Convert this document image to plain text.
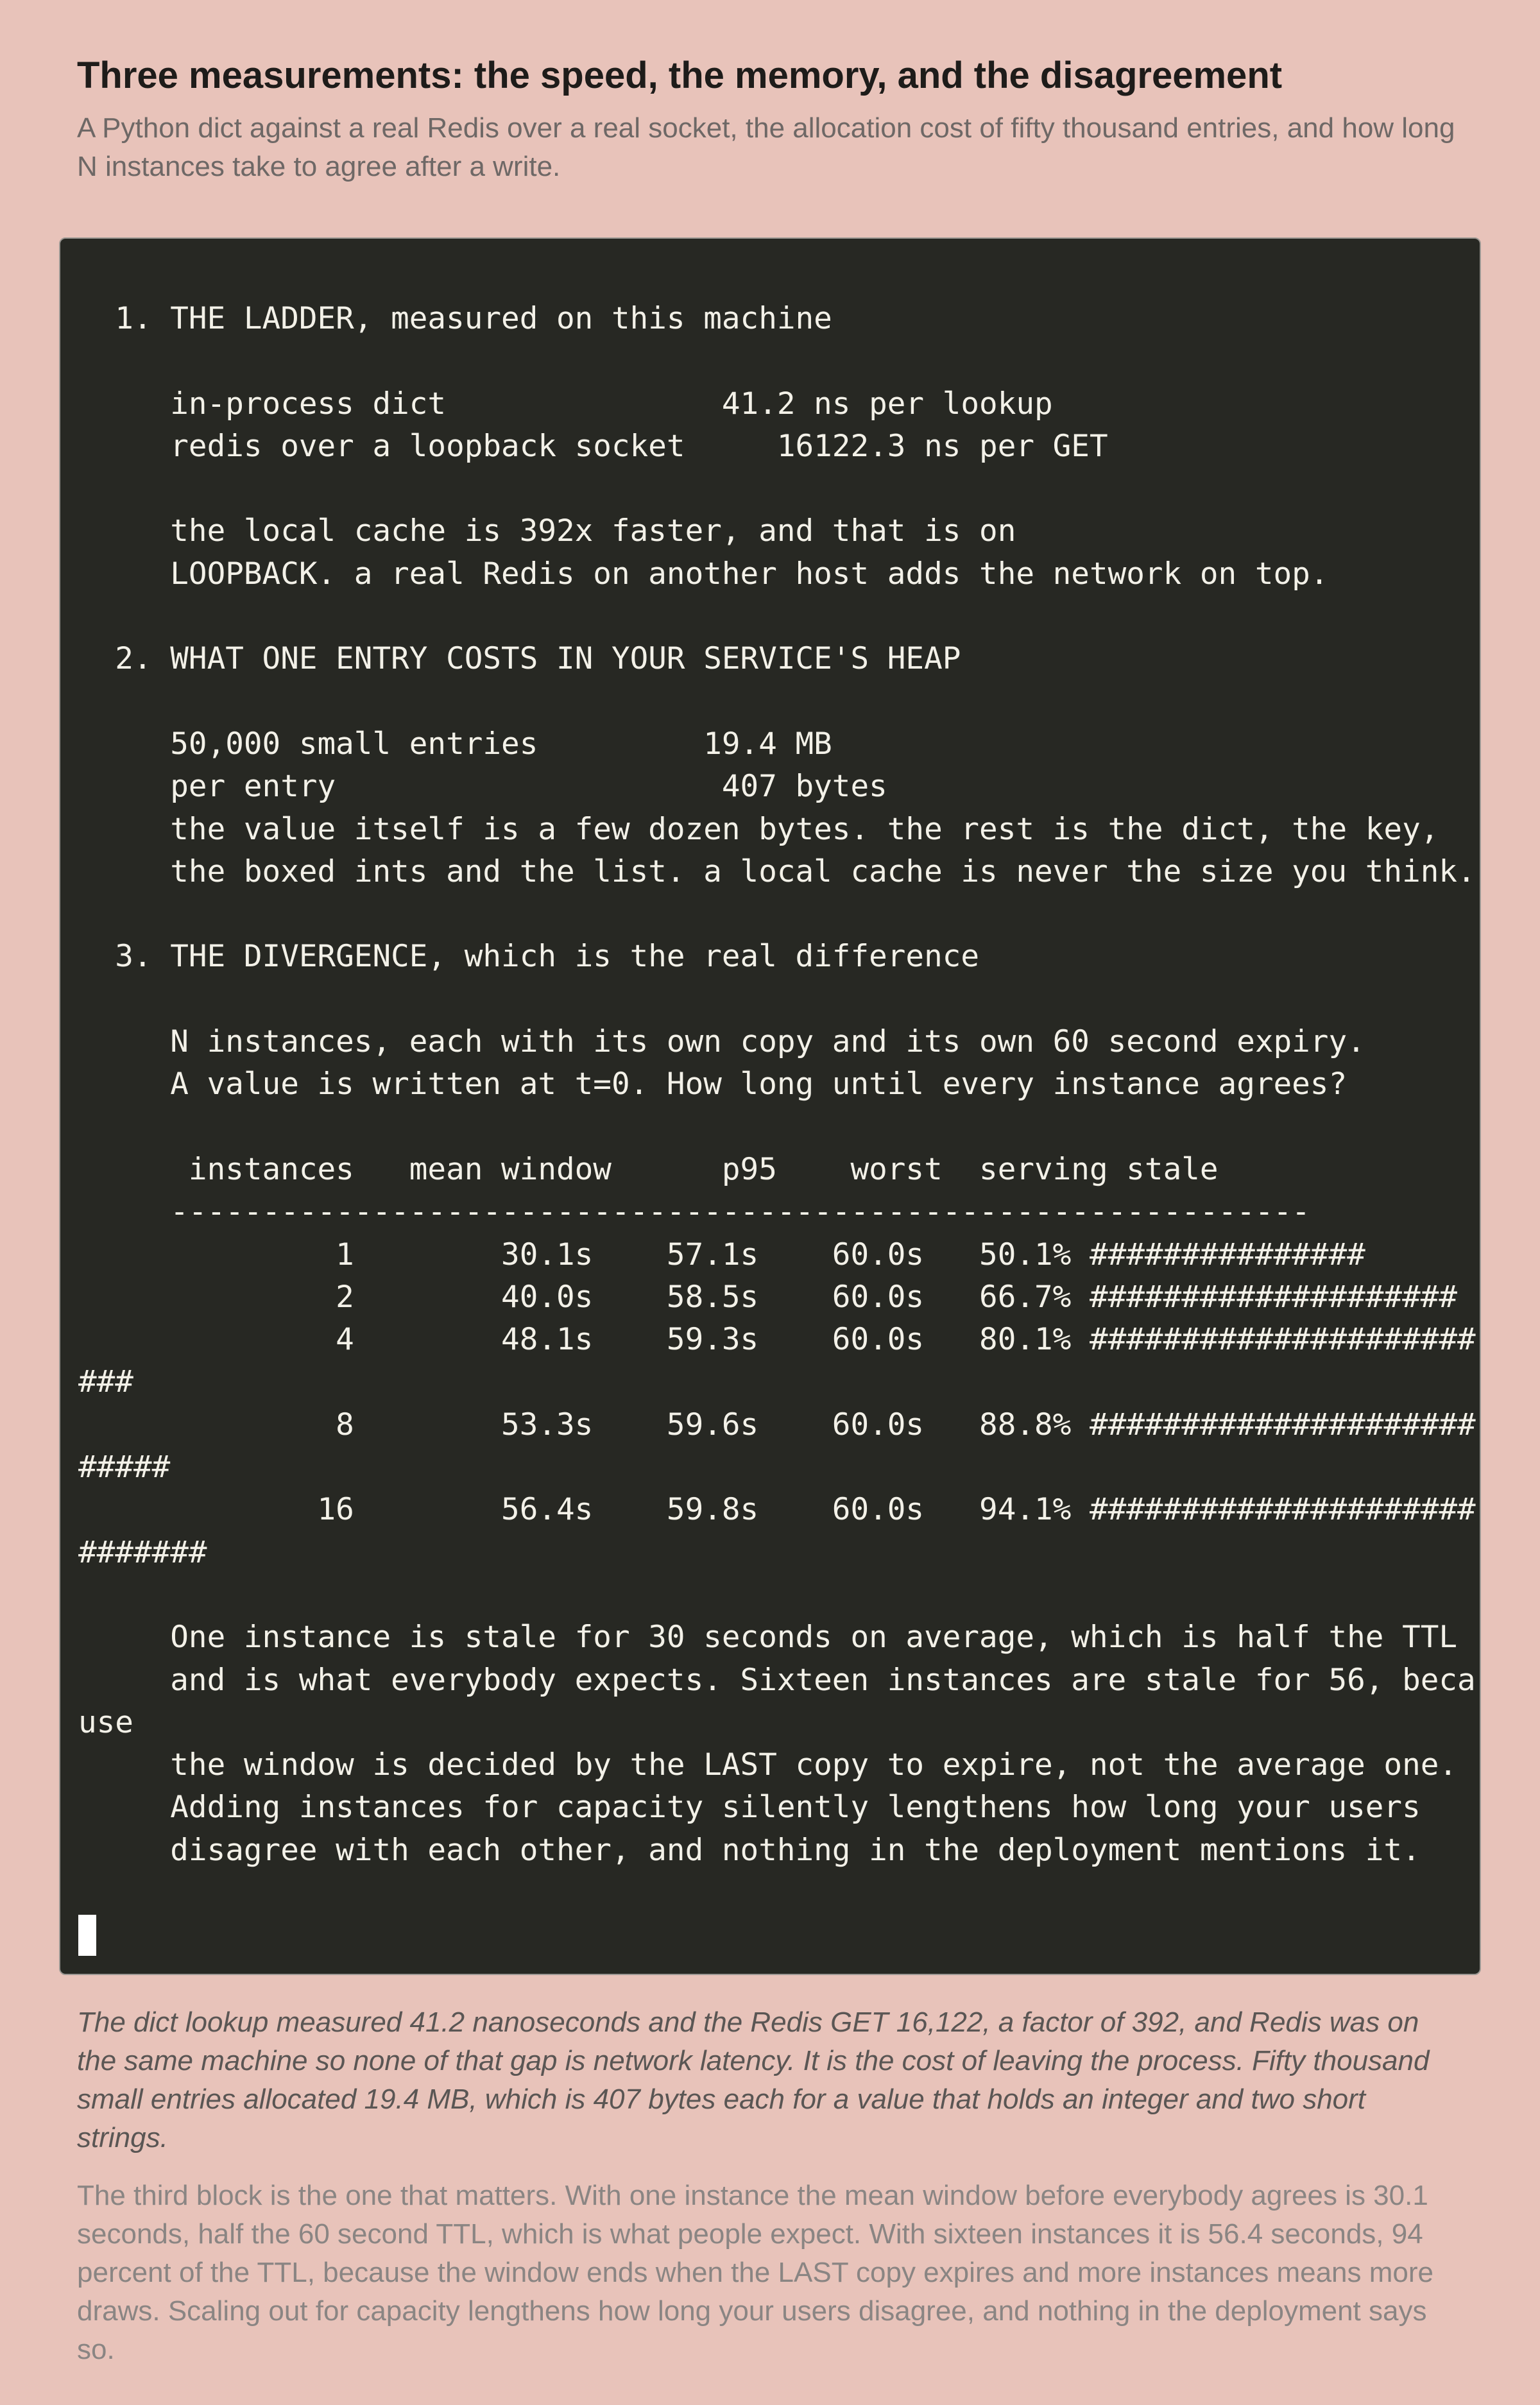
Three measurements: the speed, the memory, and the disagreement

A Python dict against a real Redis over a real socket, the allocation cost of fifty thousand entries, and how long N instances take to agree after a write.

1. THE LADDER, measured on this machine

in-process dict               41.2 ns per lookup
redis over a loopback socket     16122.3 ns per GET

the local cache is 392x faster, and that is on
LOOPBACK. a real Redis on another host adds the network on top.

2. WHAT ONE ENTRY COSTS IN YOUR SERVICE'S HEAP

50,000 small entries         19.4 MB
per entry                     407 bytes
the value itself is a few dozen bytes. the rest is the dict, the key,
the boxed ints and the list. a local cache is never the size you think.

3. THE DIVERGENCE, which is the real difference

N instances, each with its own copy and its own 60 second expiry.
A value is written at t=0. How long until every instance agrees?

instances   mean window      p95    worst  serving stale
--------------------------------------------------------------
1        30.1s    57.1s    60.0s   50.1% ###############
2        40.0s    58.5s    60.0s   66.7% ####################
4        48.1s    59.3s    60.0s   80.1% #####################
###
8        53.3s    59.6s    60.0s   88.8% #####################
#####
16        56.4s    59.8s    60.0s   94.1% #####################
#######

One instance is stale for 30 seconds on average, which is half the TTL
and is what everybody expects. Sixteen instances are stale for 56, beca
use
the window is decided by the LAST copy to expire, not the average one.
Adding instances for capacity silently lengthens how long your users
disagree with each other, and nothing in the deployment mentions it.

The dict lookup measured 41.2 nanoseconds and the Redis GET 16,122, a factor of 392, and Redis was on the same machine so none of that gap is network latency. It is the cost of leaving the process. Fifty thousand small entries allocated 19.4 MB, which is 407 bytes each for a value that holds an integer and two short strings.

The third block is the one that matters. With one instance the mean window before everybody agrees is 30.1 seconds, half the 60 second TTL, which is what people expect. With sixteen instances it is 56.4 seconds, 94 percent of the TTL, because the window ends when the LAST copy expires and more instances means more draws. Scaling out for capacity lengthens how long your users disagree, and nothing in the deployment says so.
